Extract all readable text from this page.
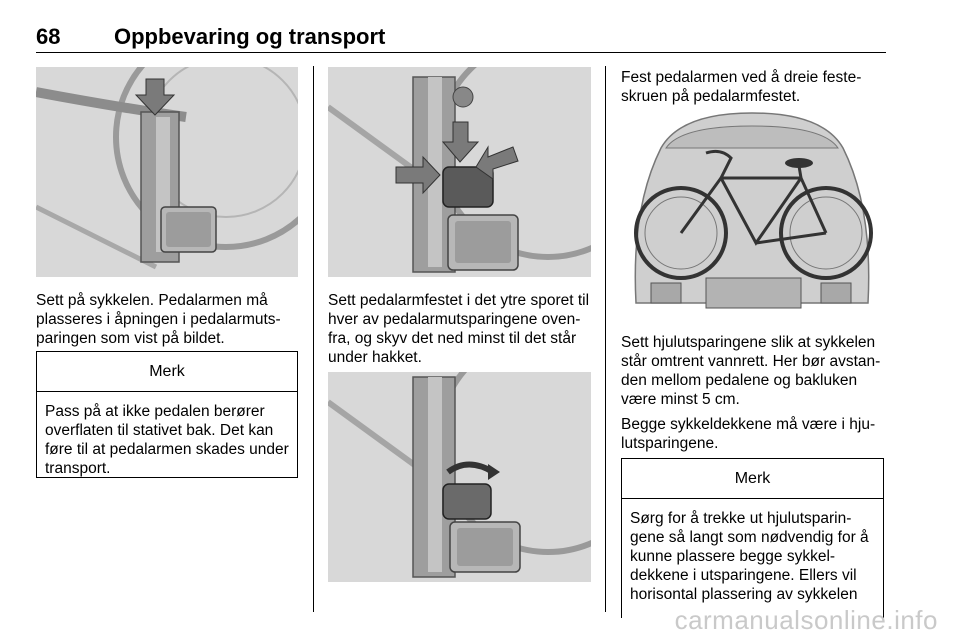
68 Oppbevaring og transport

Sett på sykkelen. Pedalarmen må plasseres i åpningen i pedalarmutsparingen som vist på bildet.

Merk
Pass på at ikke pedalen berører overflaten til stativet bak. Det kan føre til at pedalarmen skades under transport.

Sett pedalarmfestet i det ytre sporet til hver av pedalarmutsparingene ovenfra, og skyv det ned minst til det står under hakket.

Fest pedalarmen ved å dreie festeskruen på pedalarmfestet.

Sett hjulutsparingene slik at sykkelen står omtrent vannrett. Her bør avstanden mellom pedalene og bakluken være minst 5 cm.

Begge sykkeldekkene må være i hjulutsparingene.

Merk
Sørg for å trekke ut hjulutsparingene så langt som nødvendig for å kunne plassere begge sykkeldekkene i utsparingene. Ellers vil horisontal plassering av sykkelen
carmanualsonline.info
